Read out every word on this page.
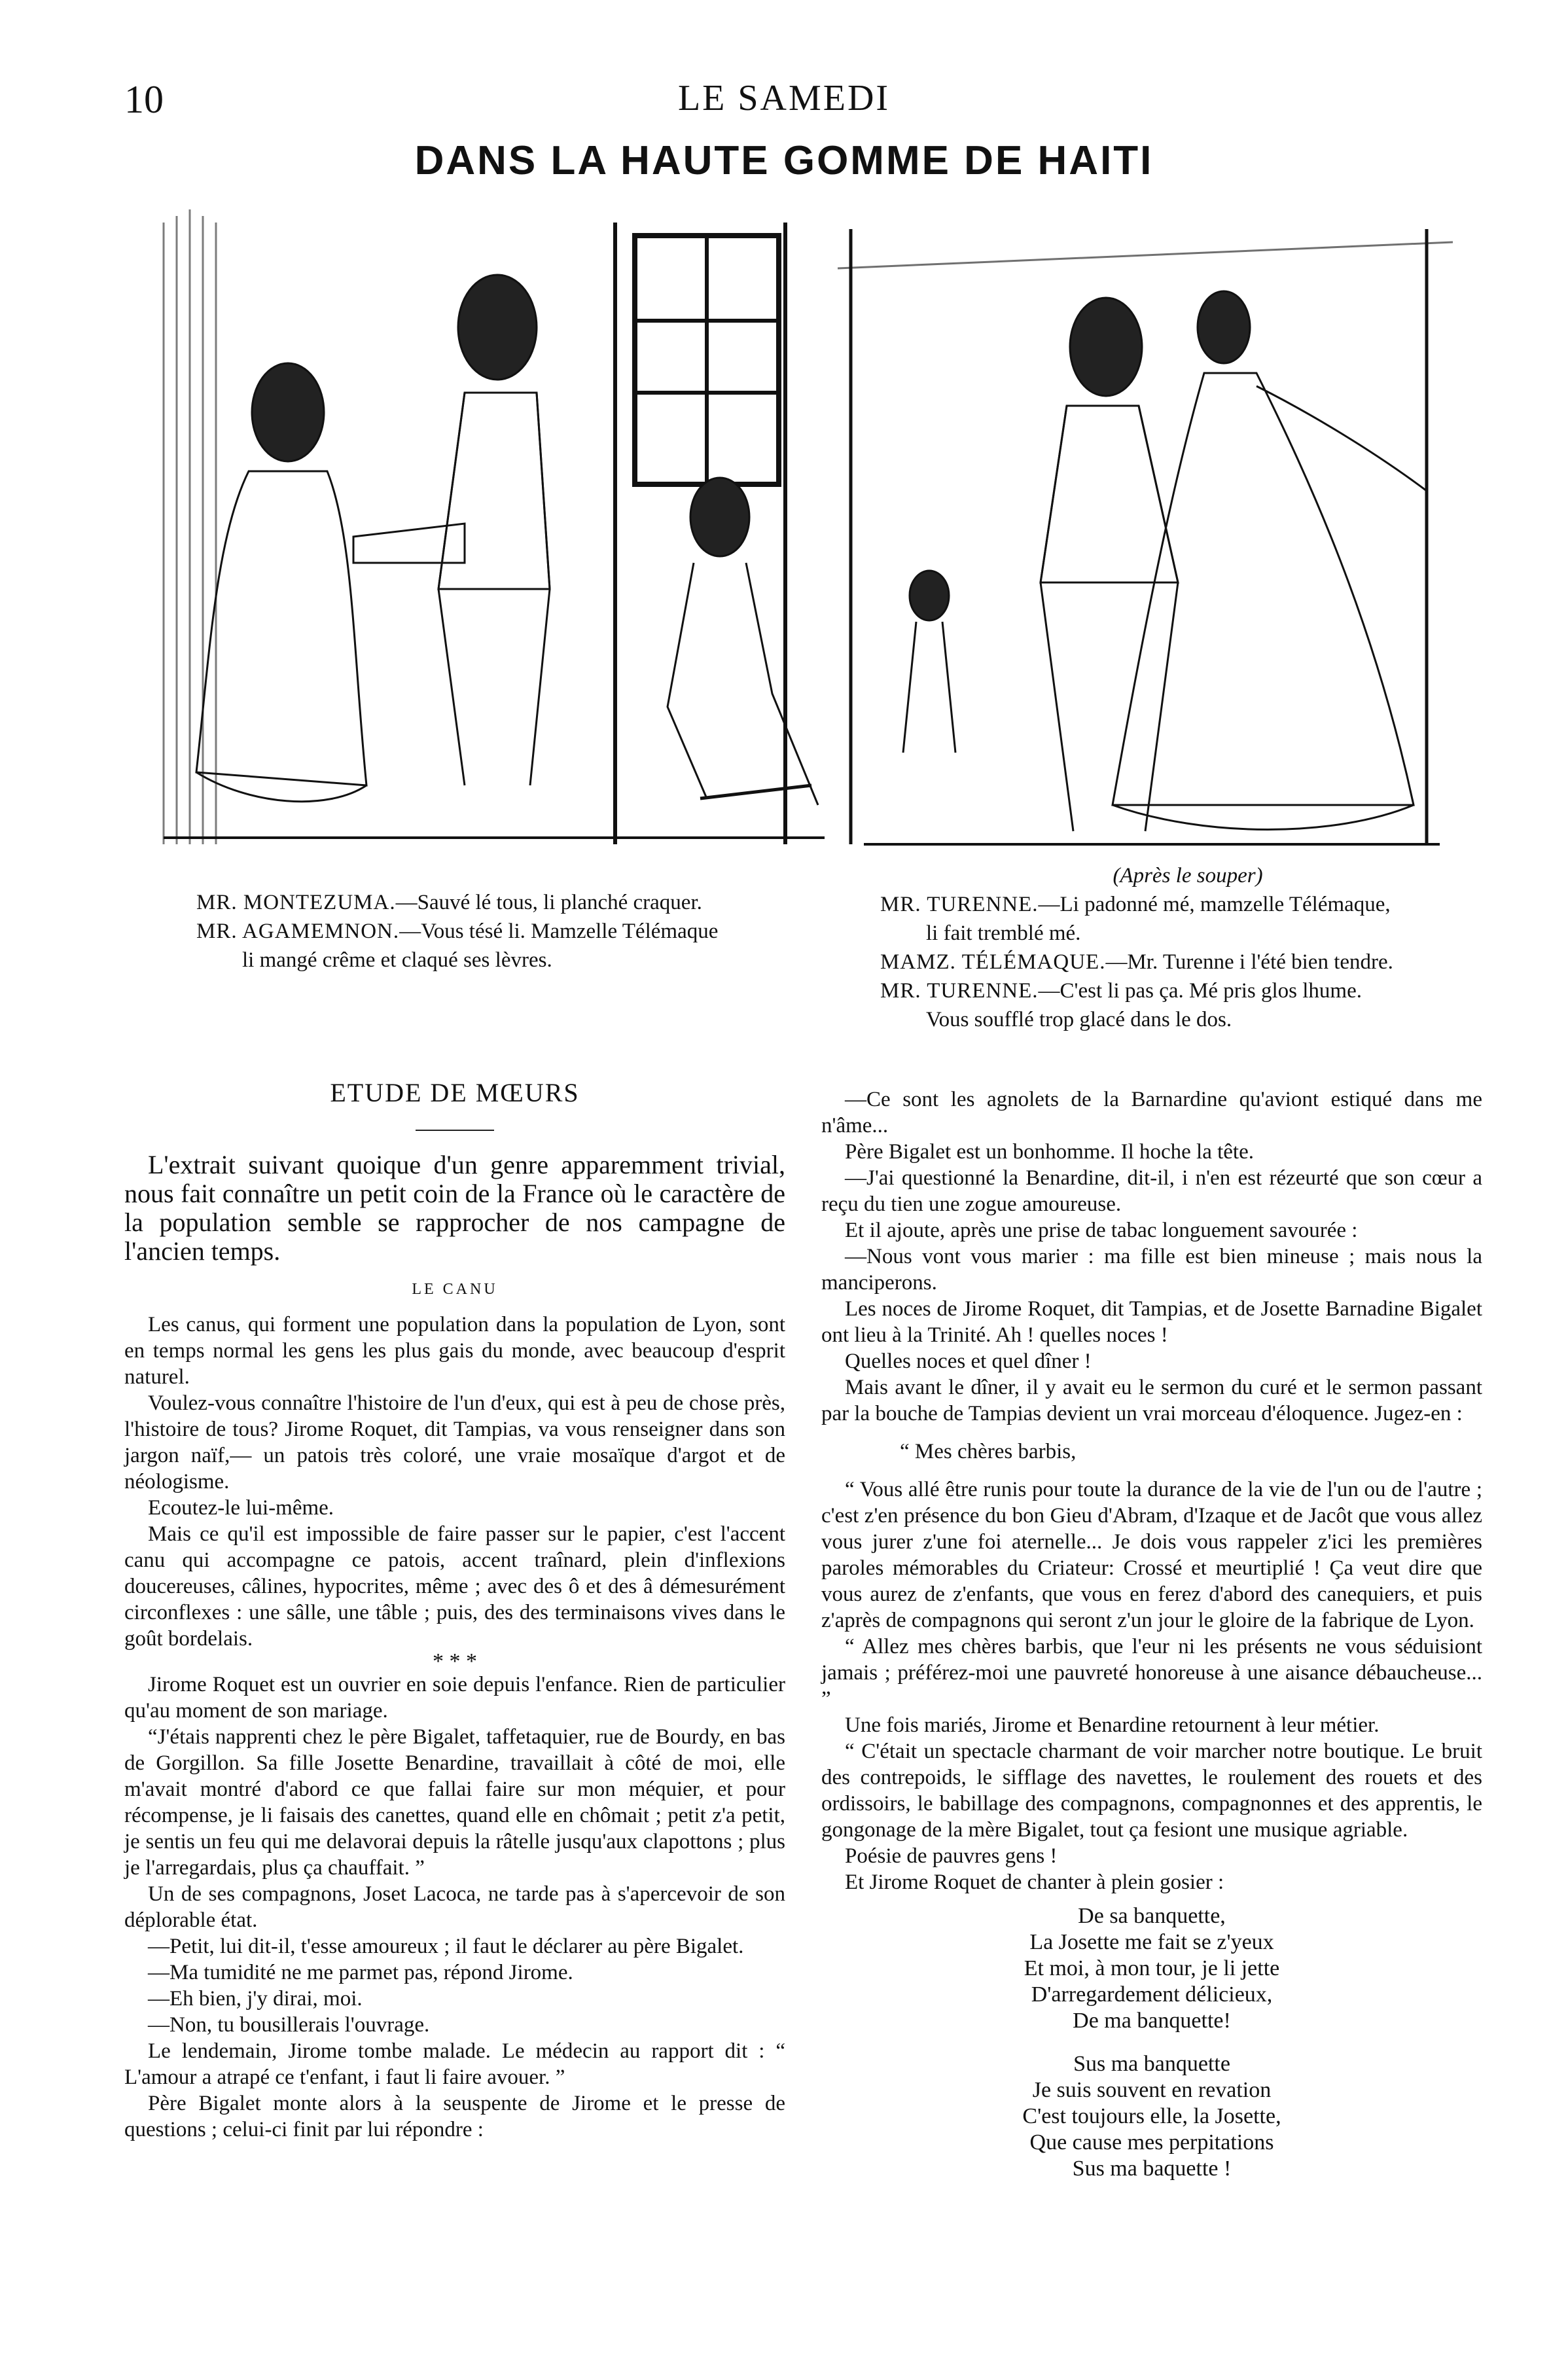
10	LE SAMEDI
DANS LA HAUTE GOMME DE HAITI

MR. MONTEZUMA.—Sauvé lé tous, li planché craquer.

MR. AGAMEMNON.—Vous tésé li. Mamzelle Télémaque

li mangé crême et claqué ses lèvres.

(Après le souper)

MR. TURENNE.—Li padonné mé, mamzelle Télémaque,

li fait tremblé mé.

MAMZ. TÉLÉMAQUE.—Mr. Turenne i l'été bien tendre.

MR. TURENNE.—C'est li pas ça. Mé pris glos lhume.

Vous soufflé trop glacé dans le dos.

ETUDE DE MŒURS

L'extrait suivant quoique d'un genre apparemment trivial, nous fait connaître un petit coin de la France où le caractère de la population semble se rapprocher de nos campagne de l'ancien temps.

LE CANU

Les canus, qui forment une population dans la population de Lyon, sont en temps normal les gens les plus gais du monde, avec beaucoup d'esprit naturel.

Voulez-vous connaître l'histoire de l'un d'eux, qui est à peu de chose près, l'histoire de tous? Jirome Roquet, dit Tampias, va vous renseigner dans son jargon naïf,— un patois très coloré, une vraie mosaïque d'argot et de néologisme.

Ecoutez-le lui-même.

Mais ce qu'il est impossible de faire passer sur le papier, c'est l'accent canu qui accompagne ce patois, accent traînard, plein d'inflexions doucereuses, câlines, hypocrites, même ; avec des ô et des â démesurément circonflexes : une sâlle, une tâble ; puis, des des terminaisons vives dans le goût bordelais.

* * *

Jirome Roquet est un ouvrier en soie depuis l'enfance. Rien de particulier qu'au moment de son mariage.

“J'étais napprenti chez le père Bigalet, taffetaquier, rue de Bourdy, en bas de Gorgillon. Sa fille Josette Benardine, travaillait à côté de moi, elle m'avait montré d'abord ce que fallai faire sur mon méquier, et pour récompense, je li faisais des canettes, quand elle en chômait ; petit z'a petit, je sentis un feu qui me delavorai depuis la râtelle jusqu'aux clapottons ; plus je l'arregardais, plus ça chauffait. ”

Un de ses compagnons, Joset Lacoca, ne tarde pas à s'apercevoir de son déplorable état.

—Petit, lui dit-il, t'esse amoureux ; il faut le déclarer au père Bigalet.

—Ma tumidité ne me parmet pas, répond Jirome.

—Eh bien, j'y dirai, moi.

—Non, tu bousillerais l'ouvrage.

Le lendemain, Jirome tombe malade. Le médecin au rapport dit : “ L'amour a atrapé ce t'enfant, i faut li faire avouer. ”

Père Bigalet monte alors à la seuspente de Jirome et le presse de questions ; celui-ci finit par lui répondre :

—Ce sont les agnolets de la Barnardine qu'aviont estiqué dans me n'âme...

Père Bigalet est un bonhomme. Il hoche la tête.

—J'ai questionné la Benardine, dit-il, i n'en est rézeurté que son cœur a reçu du tien une zogue amoureuse.

Et il ajoute, après une prise de tabac longuement savourée :

—Nous vont vous marier : ma fille est bien mineuse ; mais nous la manciperons.

Les noces de Jirome Roquet, dit Tampias, et de Josette Barnadine Bigalet ont lieu à la Trinité. Ah ! quelles noces !

Quelles noces et quel dîner !

Mais avant le dîner, il y avait eu le sermon du curé et le sermon passant par la bouche de Tampias devient un vrai morceau d'éloquence. Jugez-en :

“ Mes chères barbis,

“ Vous allé être runis pour toute la durance de la vie de l'un ou de l'autre ; c'est z'en présence du bon Gieu d'Abram, d'Izaque et de Jacôt que vous allez vous jurer z'une foi aternelle... Je dois vous rappeler z'ici les premières paroles mémorables du Criateur: Crossé et meurtiplié ! Ça veut dire que vous aurez de z'enfants, que vous en ferez d'abord des canequiers, et puis z'après de compagnons qui seront z'un jour le gloire de la fabrique de Lyon.

“ Allez mes chères barbis, que l'eur ni les présents ne vous séduisiont jamais ; préférez-moi une pauvreté honoreuse à une aisance débaucheuse... ”

Une fois mariés, Jirome et Benardine retournent à leur métier.

“ C'était un spectacle charmant de voir marcher notre boutique. Le bruit des contrepoids, le sifflage des navettes, le roulement des rouets et des ordissoirs, le babillage des compagnons, compagnonnes et des apprentis, le gongonage de la mère Bigalet, tout ça fesiont une musique agriable.

Poésie de pauvres gens !

Et Jirome Roquet de chanter à plein gosier :

De sa banquette,
La Josette me fait se z'yeux
Et moi, à mon tour, je li jette
D'arregardement délicieux,
De ma banquette!
Sus ma banquette
Je suis souvent en revation
C'est toujours elle, la Josette,
Que cause mes perpitations
Sus ma baquette !
